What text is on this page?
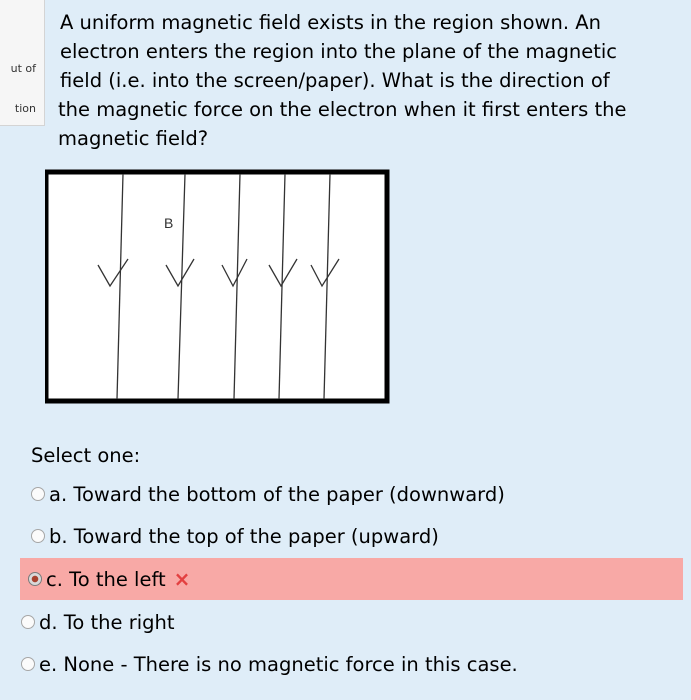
ut of
tion
A uniform magnetic field exists in the region shown. An
electron enters the region into the plane of the magnetic
field (i.e. into the screen/paper). What is the direction of
the magnetic force on the electron when it first enters the
magnetic field?
B
Select one:
a. Toward the bottom of the paper (downward)
b. Toward the top of the paper (upward)
c. To the left ×
d. To the right
e. None - There is no magnetic force in this case.
